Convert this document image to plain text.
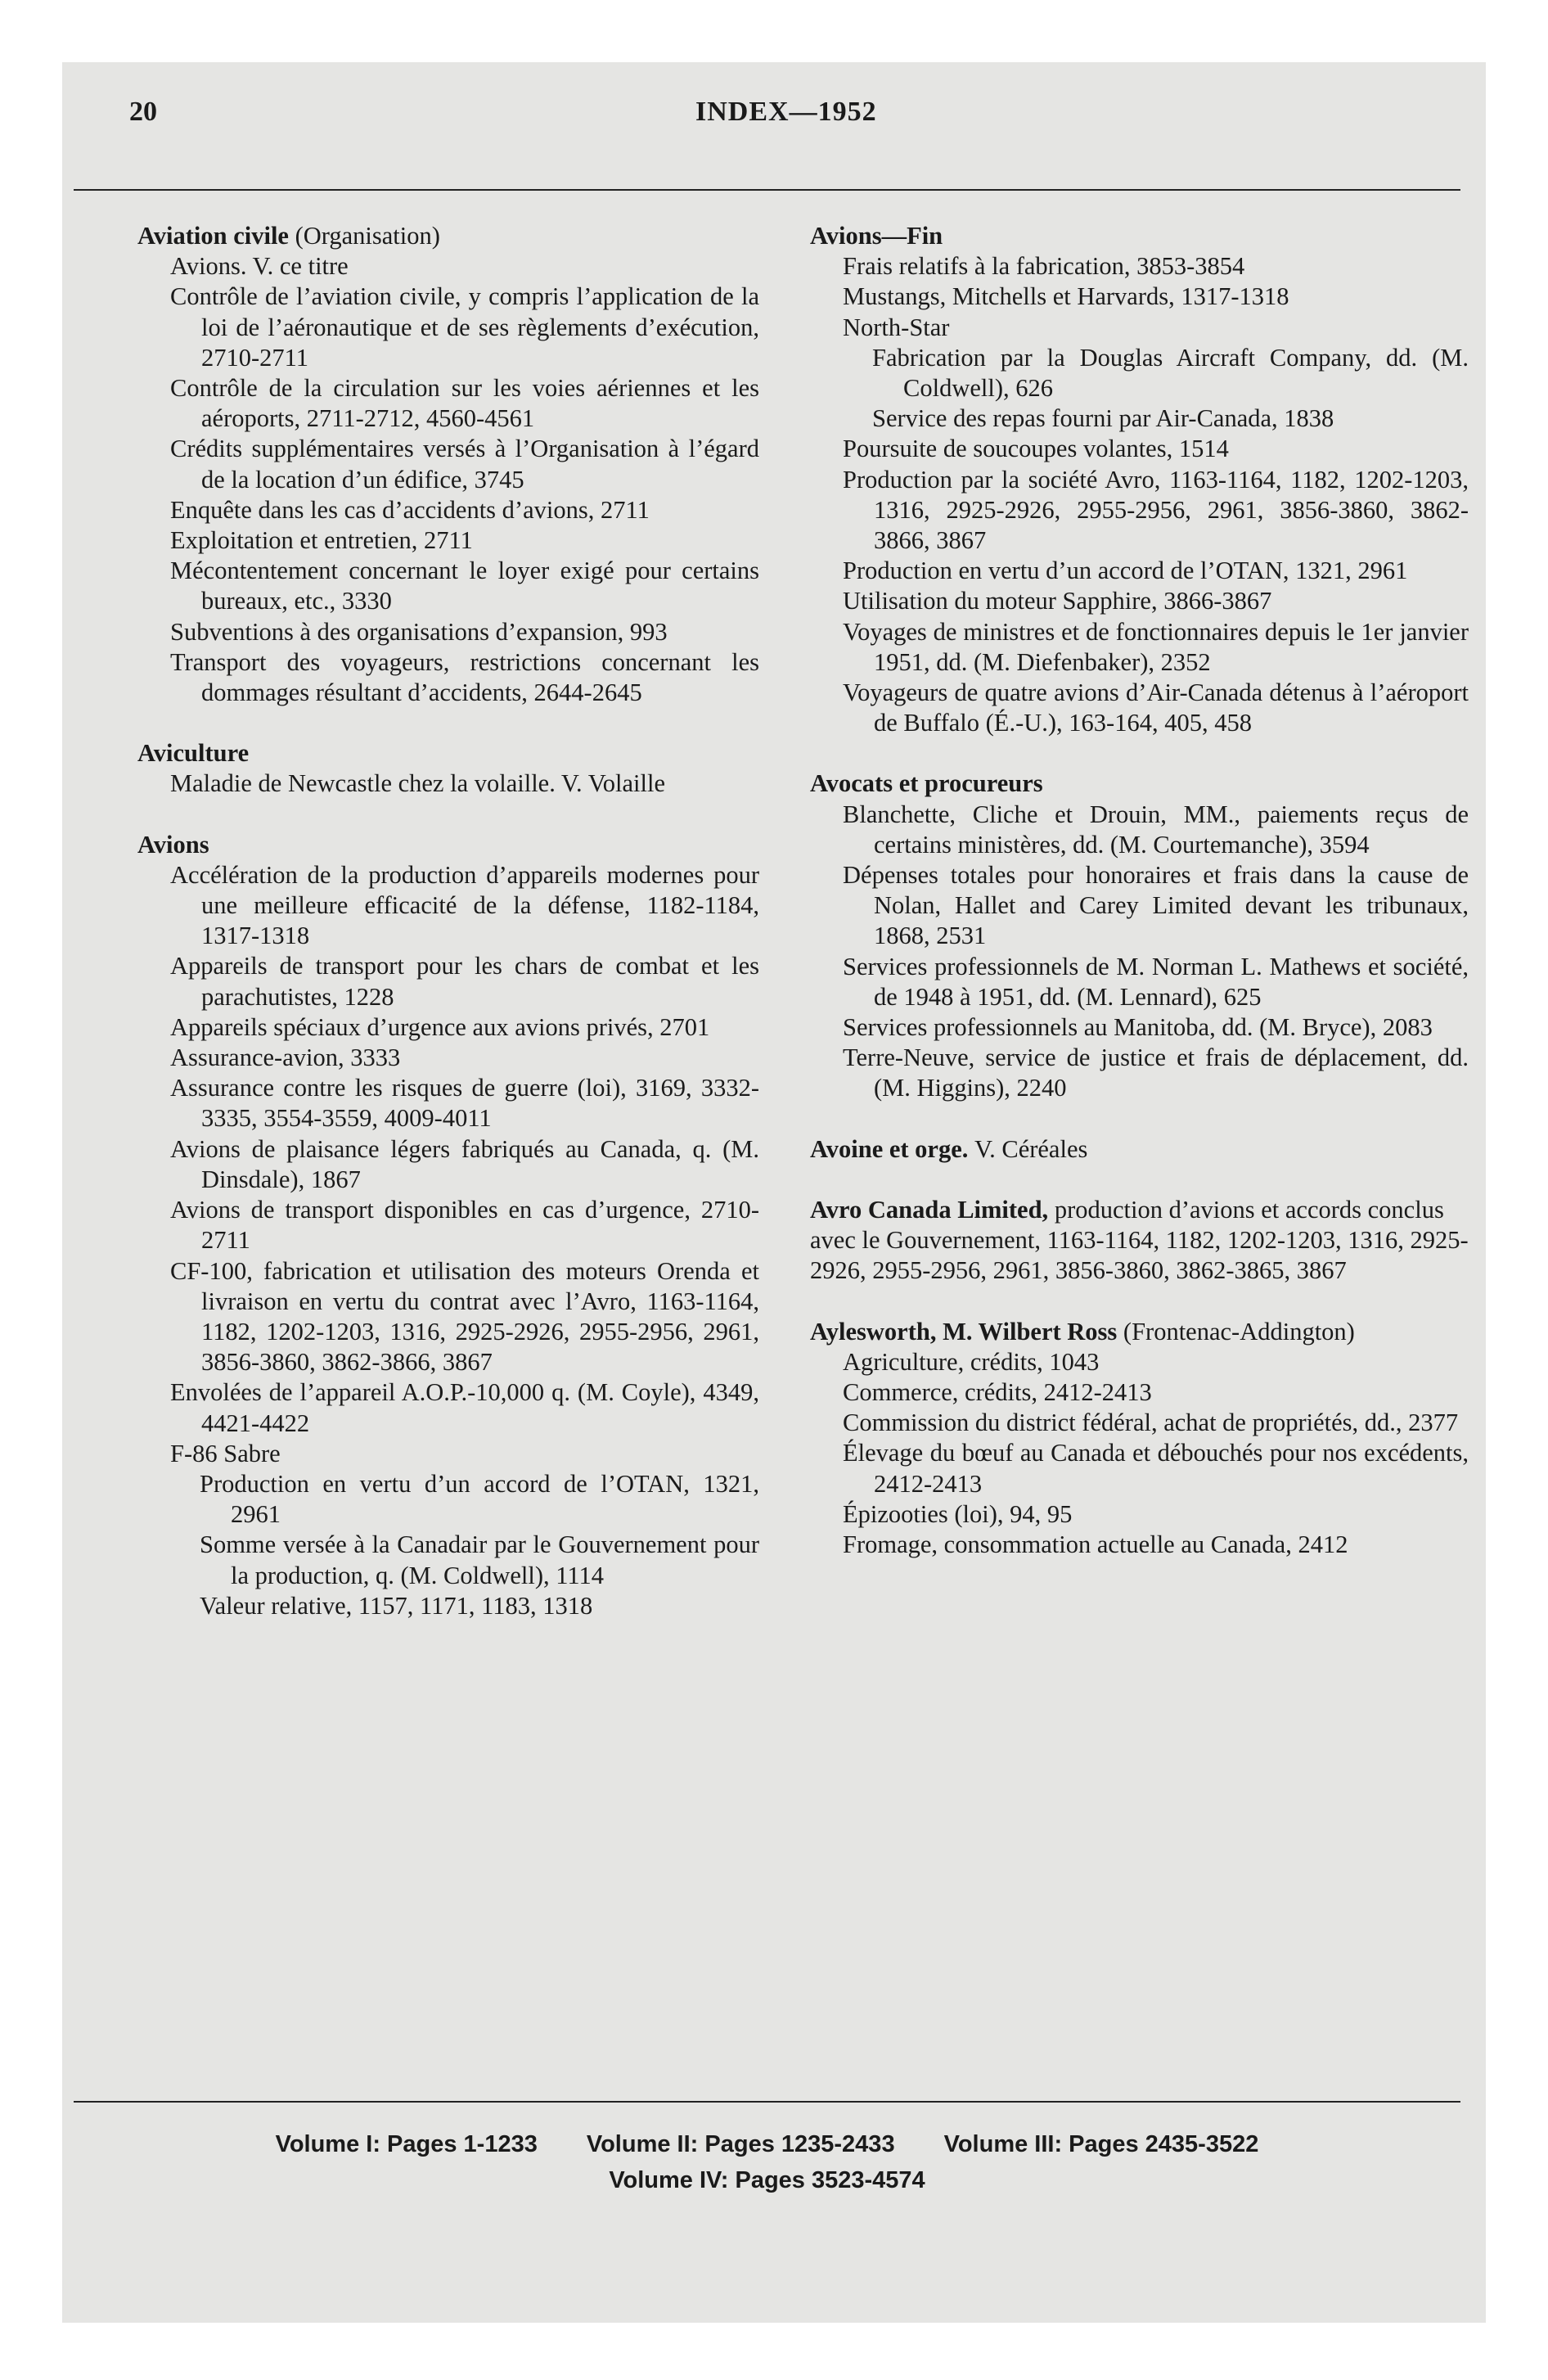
20	INDEX—1952
Aviation civile (Organisation)
Avions. V. ce titre
Contrôle de l’aviation civile, y compris l’application de la loi de l’aéronautique et de ses règlements d’exécution, 2710-2711
Contrôle de la circulation sur les voies aériennes et les aéroports, 2711-2712, 4560-4561
Crédits supplémentaires versés à l’Organisation à l’égard de la location d’un édifice, 3745
Enquête dans les cas d’accidents d’avions, 2711
Exploitation et entretien, 2711
Mécontentement concernant le loyer exigé pour certains bureaux, etc., 3330
Subventions à des organisations d’expansion, 993
Transport des voyageurs, restrictions concernant les dommages résultant d’accidents, 2644-2645
Aviculture
Maladie de Newcastle chez la volaille. V. Volaille
Avions
Accélération de la production d’appareils modernes pour une meilleure efficacité de la défense, 1182-1184, 1317-1318
Appareils de transport pour les chars de combat et les parachutistes, 1228
Appareils spéciaux d’urgence aux avions privés, 2701
Assurance-avion, 3333
Assurance contre les risques de guerre (loi), 3169, 3332-3335, 3554-3559, 4009-4011
Avions de plaisance légers fabriqués au Canada, q. (M. Dinsdale), 1867
Avions de transport disponibles en cas d’urgence, 2710-2711
CF-100, fabrication et utilisation des moteurs Orenda et livraison en vertu du contrat avec l’Avro, 1163-1164, 1182, 1202-1203, 1316, 2925-2926, 2955-2956, 2961, 3856-3860, 3862-3866, 3867
Envolées de l’appareil A.O.P.-10,000 q. (M. Coyle), 4349, 4421-4422
F-86 Sabre
Production en vertu d’un accord de l’OTAN, 1321, 2961
Somme versée à la Canadair par le Gouvernement pour la production, q. (M. Coldwell), 1114
Valeur relative, 1157, 1171, 1183, 1318
Avions—Fin
Frais relatifs à la fabrication, 3853-3854
Mustangs, Mitchells et Harvards, 1317-1318
North-Star
Fabrication par la Douglas Aircraft Company, dd. (M. Coldwell), 626
Service des repas fourni par Air-Canada, 1838
Poursuite de soucoupes volantes, 1514
Production par la société Avro, 1163-1164, 1182, 1202-1203, 1316, 2925-2926, 2955-2956, 2961, 3856-3860, 3862-3866, 3867
Production en vertu d’un accord de l’OTAN, 1321, 2961
Utilisation du moteur Sapphire, 3866-3867
Voyages de ministres et de fonctionnaires depuis le 1er janvier 1951, dd. (M. Diefenbaker), 2352
Voyageurs de quatre avions d’Air-Canada détenus à l’aéroport de Buffalo (É.-U.), 163-164, 405, 458
Avocats et procureurs
Blanchette, Cliche et Drouin, MM., paiements reçus de certains ministères, dd. (M. Courtemanche), 3594
Dépenses totales pour honoraires et frais dans la cause de Nolan, Hallet and Carey Limited devant les tribunaux, 1868, 2531
Services professionnels de M. Norman L. Mathews et société, de 1948 à 1951, dd. (M. Lennard), 625
Services professionnels au Manitoba, dd. (M. Bryce), 2083
Terre-Neuve, service de justice et frais de déplacement, dd. (M. Higgins), 2240
Avoine et orge. V. Céréales
Avro Canada Limited, production d’avions et accords conclus avec le Gouvernement, 1163-1164, 1182, 1202-1203, 1316, 2925-2926, 2955-2956, 2961, 3856-3860, 3862-3865, 3867
Aylesworth, M. Wilbert Ross (Frontenac-Addington)
Agriculture, crédits, 1043
Commerce, crédits, 2412-2413
Commission du district fédéral, achat de propriétés, dd., 2377
Élevage du bœuf au Canada et débouchés pour nos excédents, 2412-2413
Épizooties (loi), 94, 95
Fromage, consommation actuelle au Canada, 2412
Volume I: Pages 1-1233 Volume II: Pages 1235-2433 Volume III: Pages 2435-3522
Volume IV: Pages 3523-4574
